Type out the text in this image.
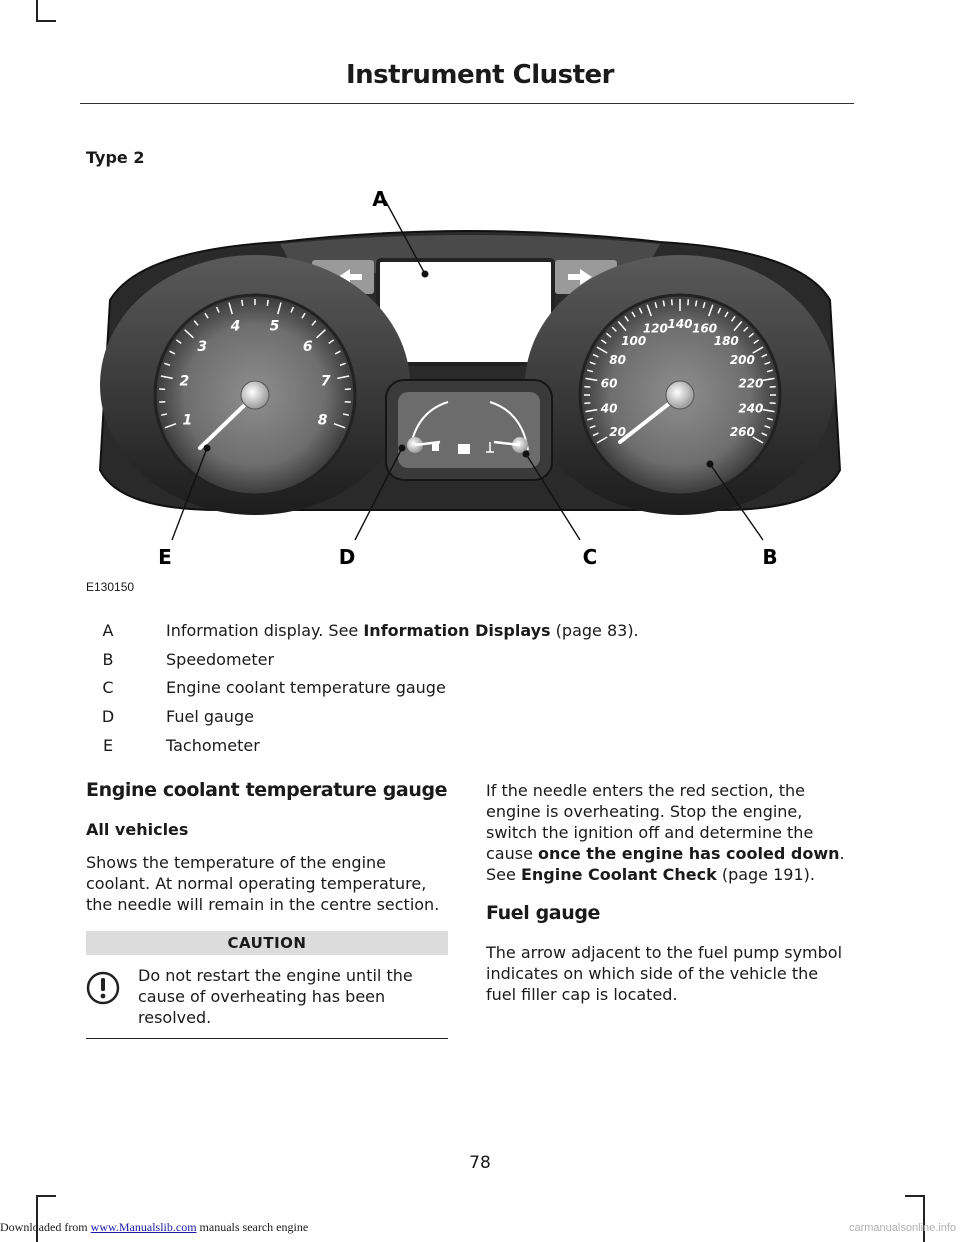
Instrument Cluster
Type 2
1
2
3
4 5
6
7
8
20
40
60
80
100
120 140 160
180
200
220
240
260
A
B
C
D
E
E130150
A	Information display. See Information Displays (page 83).
B	Speedometer
C	Engine coolant temperature gauge
D	Fuel gauge
E	Tachometer
Engine coolant temperature gauge
All vehicles
Shows the temperature of the engine coolant. At normal operating temperature, the needle will remain in the centre section.
CAUTION
Do not restart the engine until the cause of overheating has been resolved.
If the needle enters the red section, the engine is overheating. Stop the engine, switch the ignition off and determine the cause once the engine has cooled down. See Engine Coolant Check (page 191).
Fuel gauge
The arrow adjacent to the fuel pump symbol indicates on which side of the vehicle the fuel filler cap is located.
78
Downloaded from www.Manualslib.com manuals search engine	carmanualsonline.info
